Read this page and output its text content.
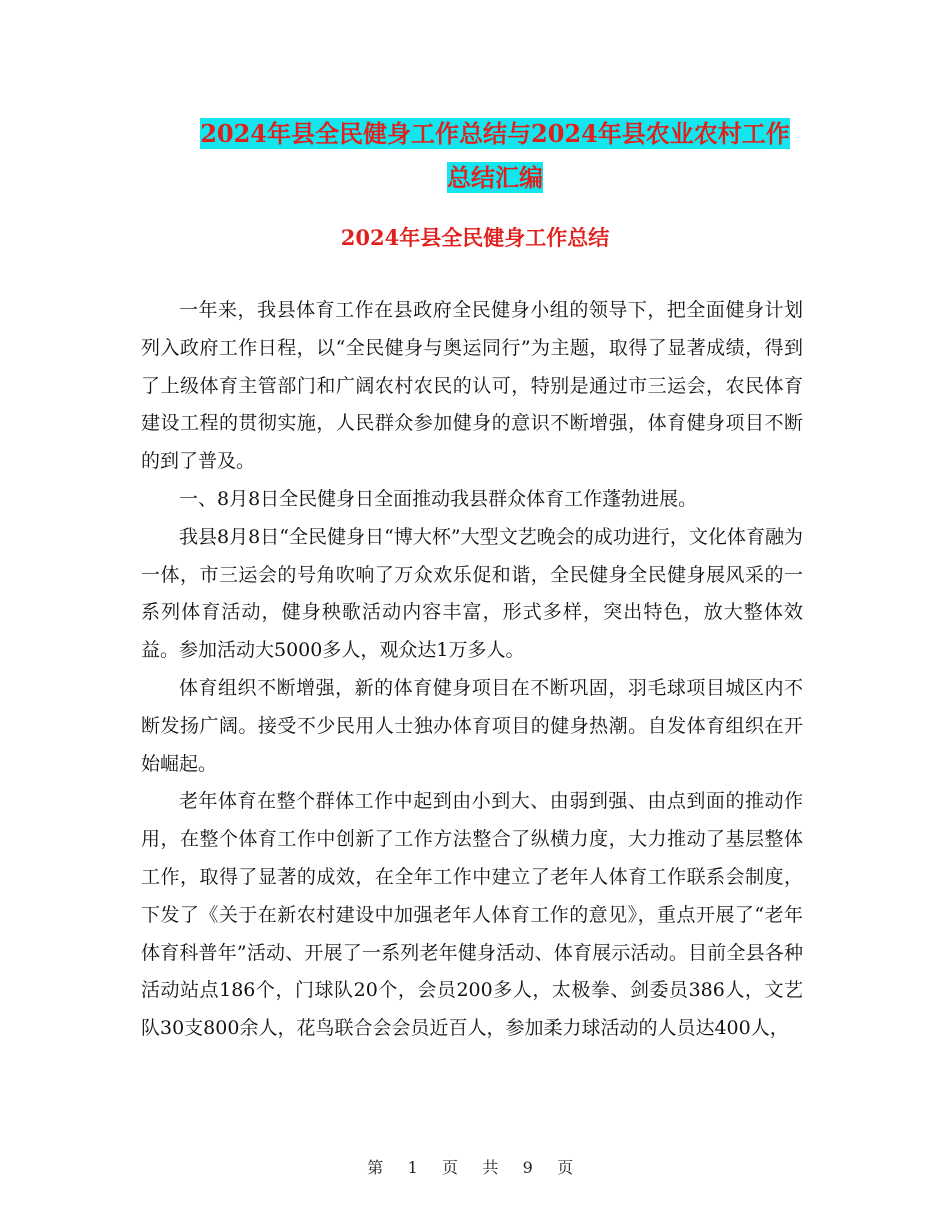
2024年县全民健身工作总结与2024年县农业农村工作
总结汇编
2024年县全民健身工作总结

一年来，我县体育工作在县政府全民健身小组的领导下，把全面健身计划列入政府工作日程，以“全民健身与奥运同行”为主题，取得了显著成绩，得到了上级体育主管部门和广阔农村农民的认可，特别是通过市三运会，农民体育建设工程的贯彻实施，人民群众参加健身的意识不断增强，体育健身项目不断的到了普及。

一、8月8日全民健身日全面推动我县群众体育工作蓬勃进展。

我县8月8日“全民健身日“博大杯”大型文艺晚会的成功进行，文化体育融为一体，市三运会的号角吹响了万众欢乐促和谐，全民健身全民健身展风采的一系列体育活动，健身秧歌活动内容丰富，形式多样，突出特色，放大整体效益。参加活动大5000多人，观众达1万多人。

体育组织不断增强，新的体育健身项目在不断巩固，羽毛球项目城区内不断发扬广阔。接受不少民用人士独办体育项目的健身热潮。自发体育组织在开始崛起。

老年体育在整个群体工作中起到由小到大、由弱到强、由点到面的推动作用，在整个体育工作中创新了工作方法整合了纵横力度，大力推动了基层整体工作，取得了显著的成效，在全年工作中建立了老年人体育工作联系会制度，下发了《关于在新农村建设中加强老年人体育工作的意见》，重点开展了“老年体育科普年”活动、开展了一系列老年健身活动、体育展示活动。目前全县各种活动站点186个，门球队20个，会员200多人，太极拳、剑委员386人，文艺队30支800余人，花鸟联合会会员近百人，参加柔力球活动的人员达400人，

第 1 页 共 9 页
